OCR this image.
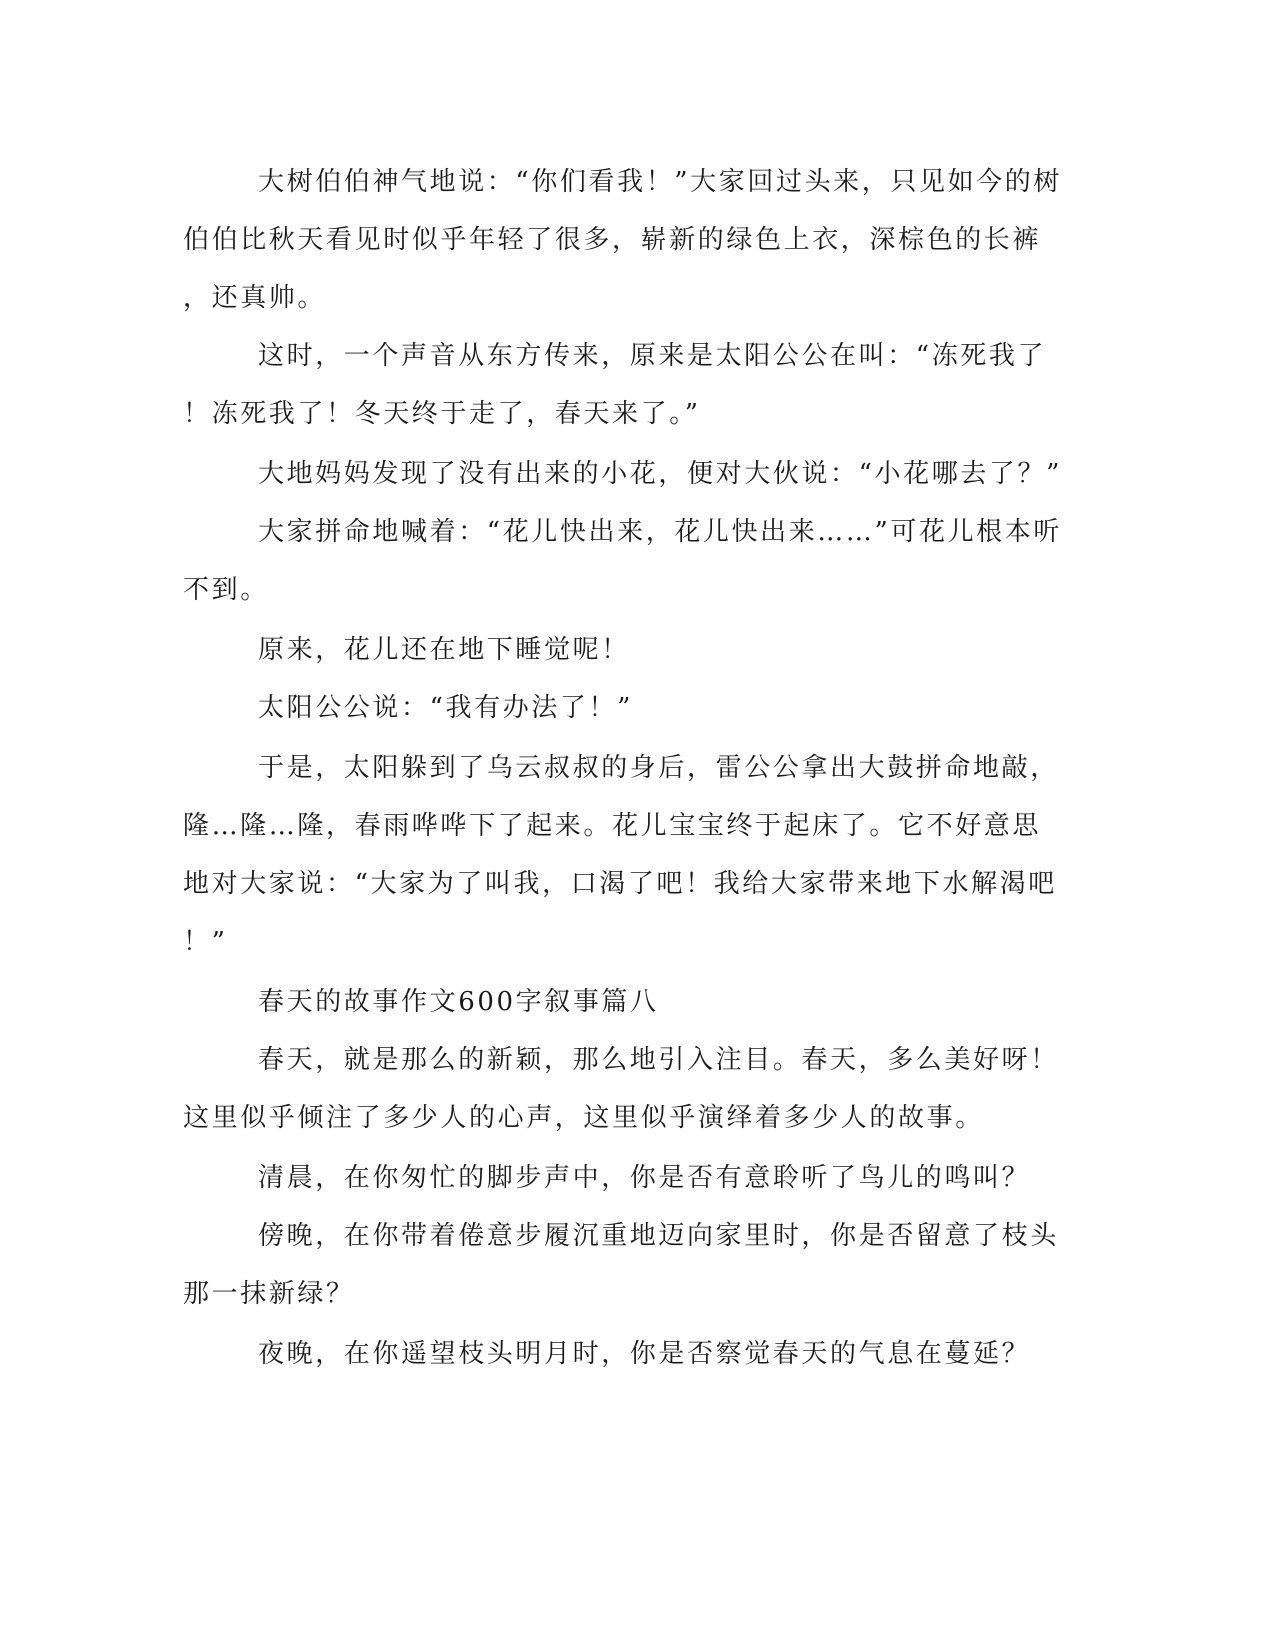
大树伯伯神气地说：“你们看我！”大家回过头来，只见如今的树
伯伯比秋天看见时似乎年轻了很多，崭新的绿色上衣，深棕色的长裤
，还真帅。
这时，一个声音从东方传来，原来是太阳公公在叫：“冻死我了
！冻死我了！冬天终于走了，春天来了。”
大地妈妈发现了没有出来的小花，便对大伙说：“小花哪去了？”
大家拼命地喊着：“花儿快出来，花儿快出来……”可花儿根本听
不到。
原来，花儿还在地下睡觉呢！
太阳公公说：“我有办法了！”
于是，太阳躲到了乌云叔叔的身后，雷公公拿出大鼓拼命地敲，
隆…隆…隆，春雨哗哗下了起来。花儿宝宝终于起床了。它不好意思
地对大家说：“大家为了叫我，口渴了吧！我给大家带来地下水解渴吧
！”
春天的故事作文600字叙事篇八
春天，就是那么的新颖，那么地引入注目。春天，多么美好呀！
这里似乎倾注了多少人的心声，这里似乎演绎着多少人的故事。
清晨，在你匆忙的脚步声中，你是否有意聆听了鸟儿的鸣叫？
傍晚，在你带着倦意步履沉重地迈向家里时，你是否留意了枝头
那一抹新绿？
夜晚，在你遥望枝头明月时，你是否察觉春天的气息在蔓延？
